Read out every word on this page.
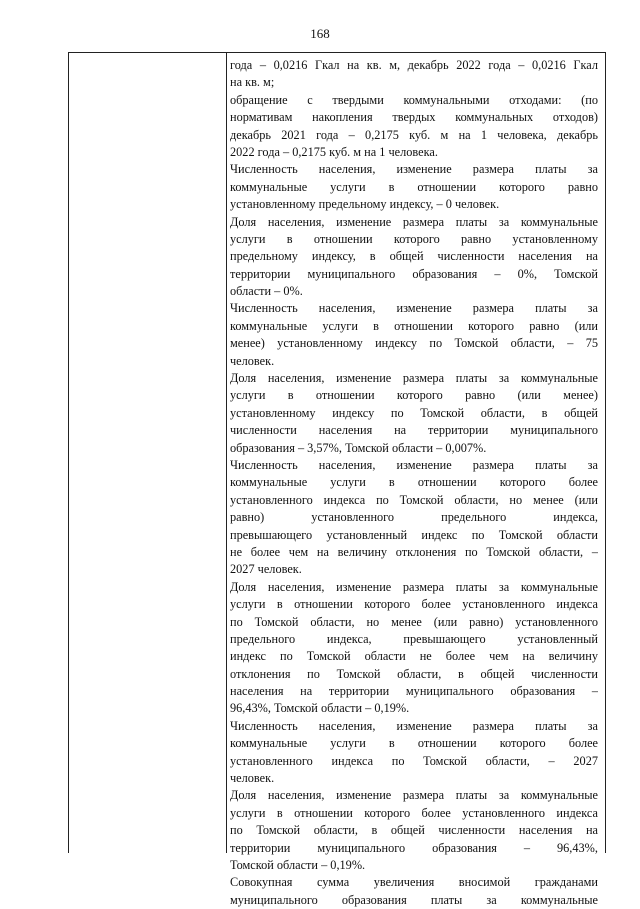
168
года – 0,0216 Гкал на кв. м, декабрь 2022 года – 0,0216 Гкал
на кв. м;
обращение с твердыми коммунальными отходами: (по
нормативам накопления твердых коммунальных отходов)
декабрь 2021 года – 0,2175 куб. м на 1 человека, декабрь
2022 года – 0,2175 куб. м на 1 человека.
Численность населения, изменение размера платы за
коммунальные услуги в отношении которого равно
установленному предельному индексу, – 0 человек.
Доля населения, изменение размера платы за коммунальные
услуги в отношении которого равно установленному
предельному индексу, в общей численности населения на
территории муниципального образования – 0%, Томской
области – 0%.
Численность населения, изменение размера платы за
коммунальные услуги в отношении которого равно (или
менее) установленному индексу по Томской области, – 75
человек.
Доля населения, изменение размера платы за коммунальные
услуги в отношении которого равно (или менее)
установленному индексу по Томской области, в общей
численности населения на территории муниципального
образования – 3,57%, Томской области – 0,007%.
Численность населения, изменение размера платы за
коммунальные услуги в отношении которого более
установленного индекса по Томской области, но менее (или
равно) установленного предельного индекса,
превышающего установленный индекс по Томской области
не более чем на величину отклонения по Томской области, –
2027 человек.
Доля населения, изменение размера платы за коммунальные
услуги в отношении которого более установленного индекса
по Томской области, но менее (или равно) установленного
предельного индекса, превышающего установленный
индекс по Томской области не более чем на величину
отклонения по Томской области, в общей численности
населения на территории муниципального образования –
96,43%, Томской области – 0,19%.
Численность населения, изменение размера платы за
коммунальные услуги в отношении которого более
установленного индекса по Томской области, – 2027
человек.
Доля населения, изменение размера платы за коммунальные
услуги в отношении которого более установленного индекса
по Томской области, в общей численности населения на
территории муниципального образования – 96,43%,
Томской области – 0,19%.
Совокупная сумма увеличения вносимой гражданами
муниципального образования платы за коммунальные
